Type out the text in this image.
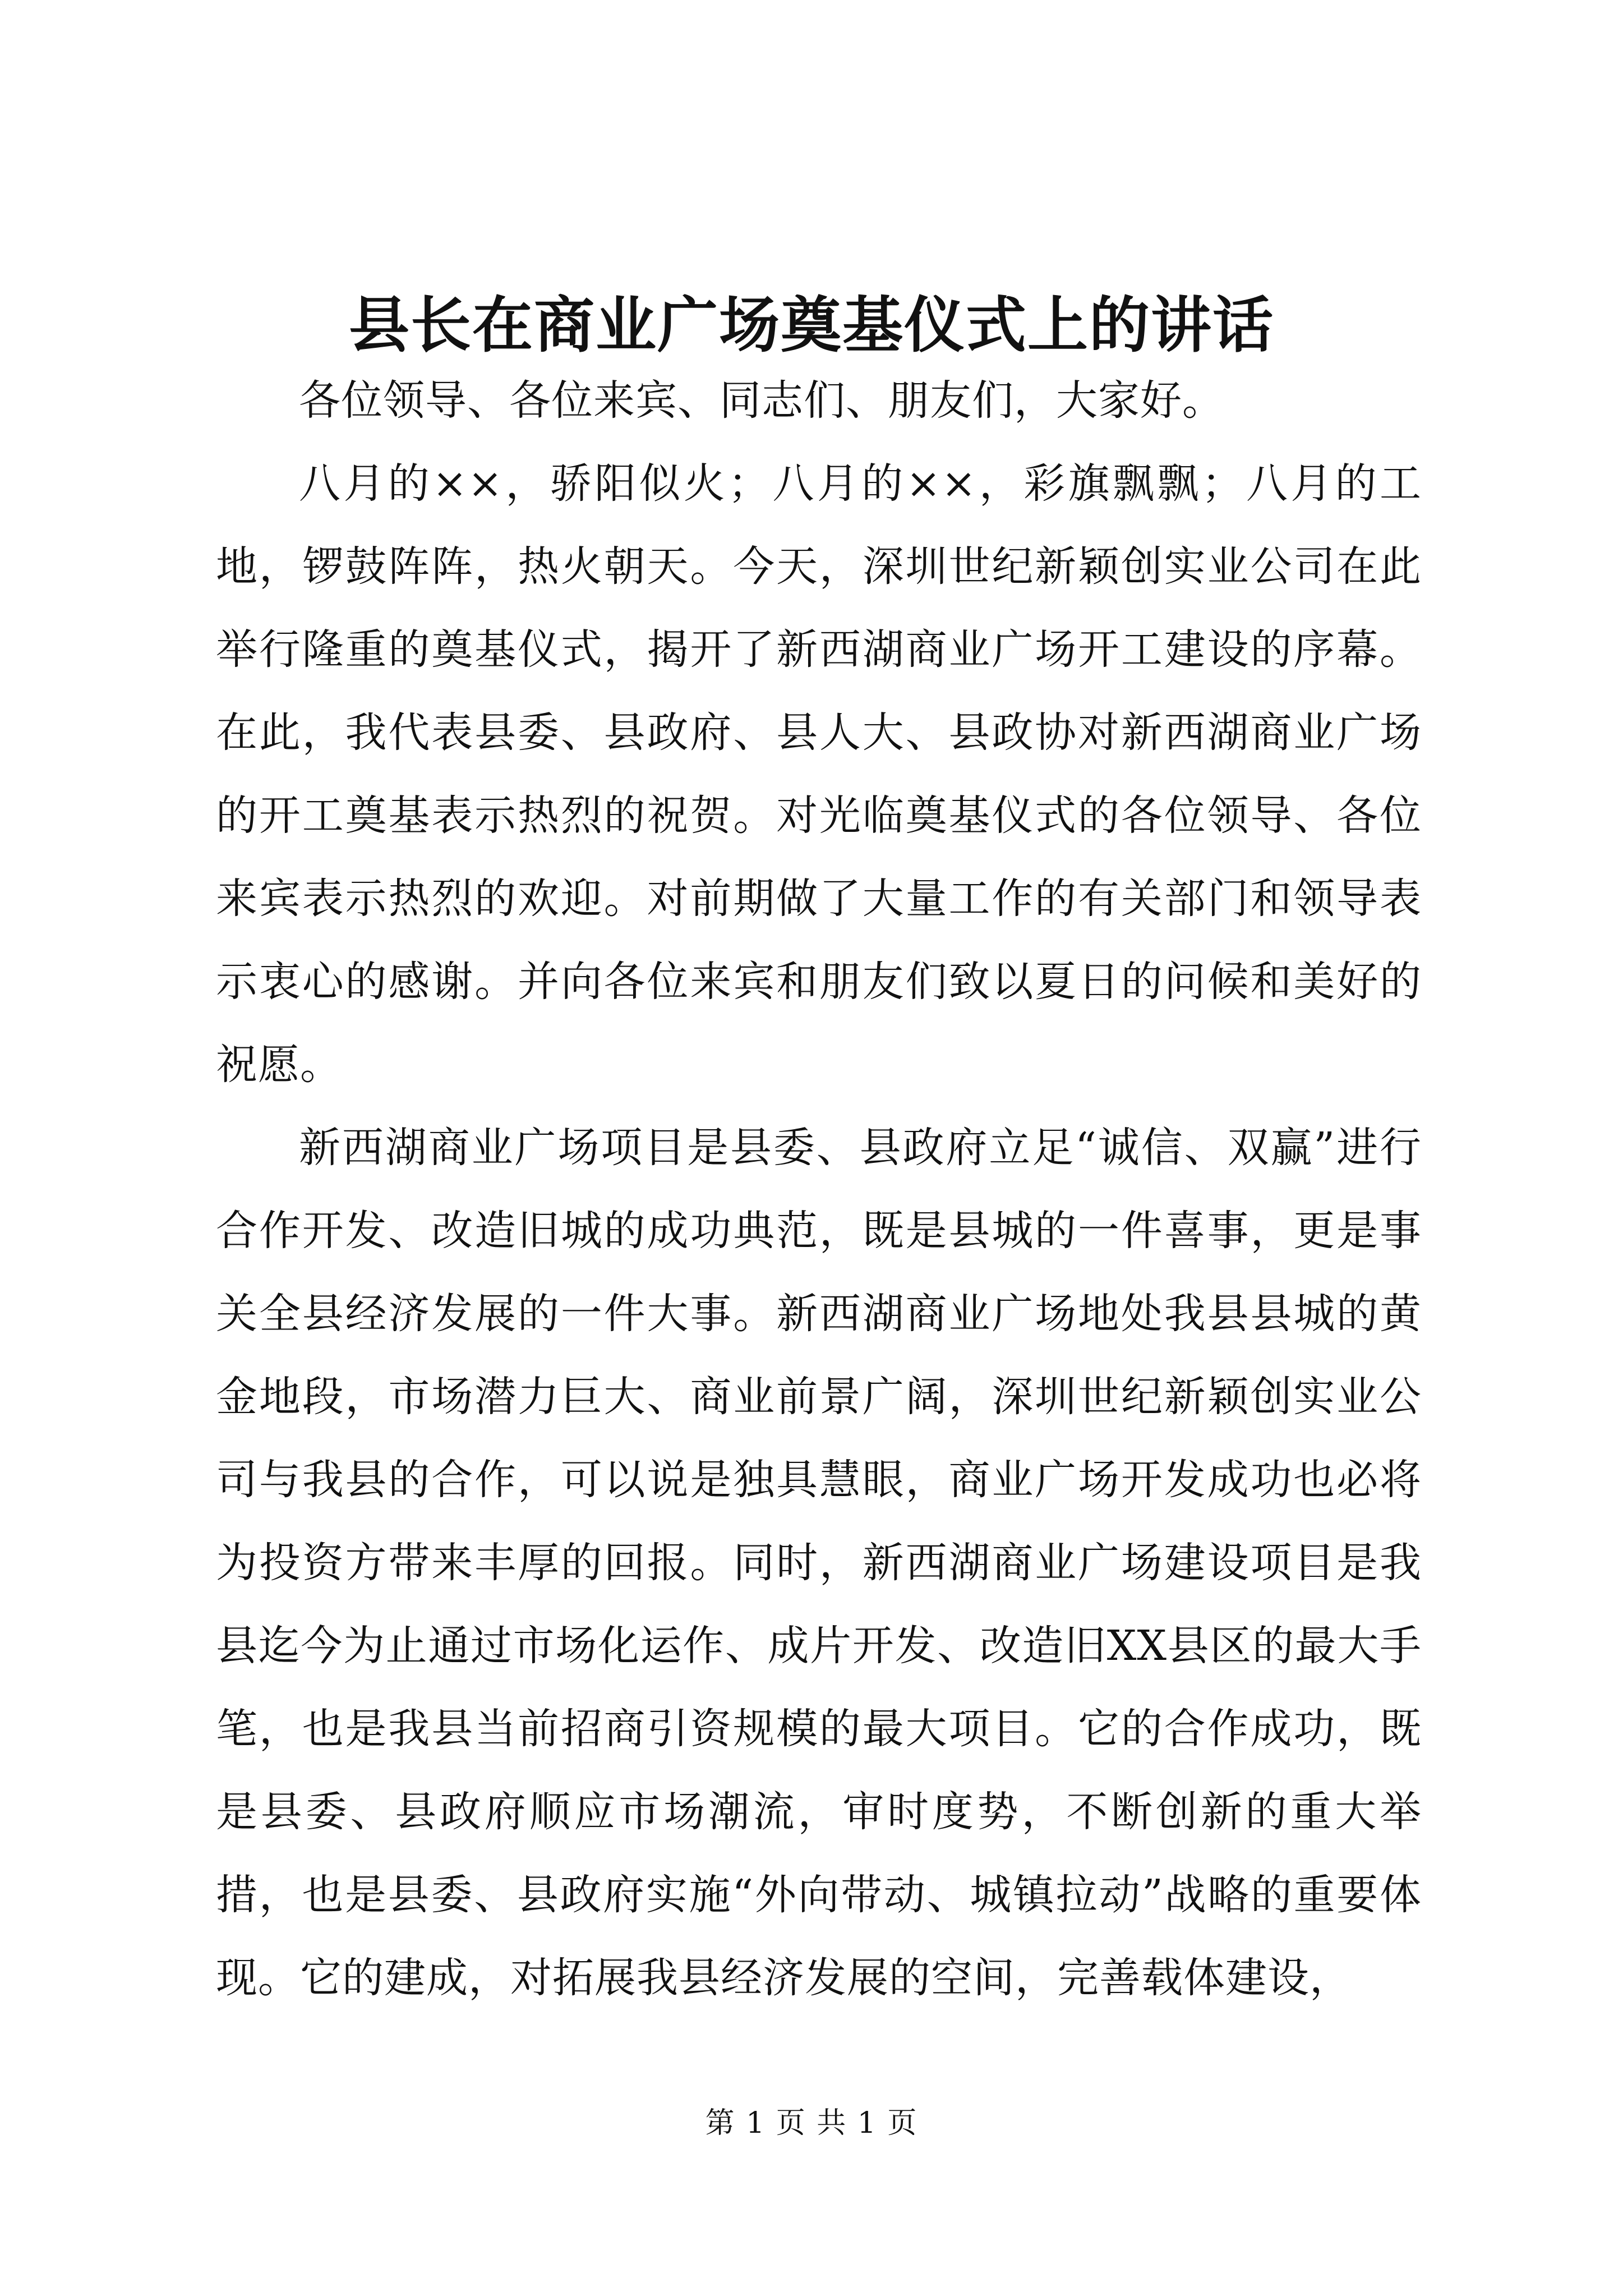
县长在商业广场奠基仪式上的讲话

各位领导、各位来宾、同志们、朋友们，大家好。

八月的××，骄阳似火；八月的××，彩旗飘飘；八月的工地，锣鼓阵阵，热火朝天。今天，深圳世纪新颖创实业公司在此举行隆重的奠基仪式，揭开了新西湖商业广场开工建设的序幕。在此，我代表县委、县政府、县人大、县政协对新西湖商业广场的开工奠基表示热烈的祝贺。对光临奠基仪式的各位领导、各位来宾表示热烈的欢迎。对前期做了大量工作的有关部门和领导表示衷心的感谢。并向各位来宾和朋友们致以夏日的问候和美好的祝愿。

新西湖商业广场项目是县委、县政府立足“诚信、双赢”进行合作开发、改造旧城的成功典范，既是县城的一件喜事，更是事关全县经济发展的一件大事。新西湖商业广场地处我县县城的黄金地段，市场潜力巨大、商业前景广阔，深圳世纪新颖创实业公司与我县的合作，可以说是独具慧眼，商业广场开发成功也必将为投资方带来丰厚的回报。同时，新西湖商业广场建设项目是我县迄今为止通过市场化运作、成片开发、改造旧XX县区的最大手笔，也是我县当前招商引资规模的最大项目。它的合作成功，既是县委、县政府顺应市场潮流，审时度势，不断创新的重大举措，也是县委、县政府实施“外向带动、城镇拉动”战略的重要体现。它的建成，对拓展我县经济发展的空间，完善载体建设，

第 1 页 共 1 页
